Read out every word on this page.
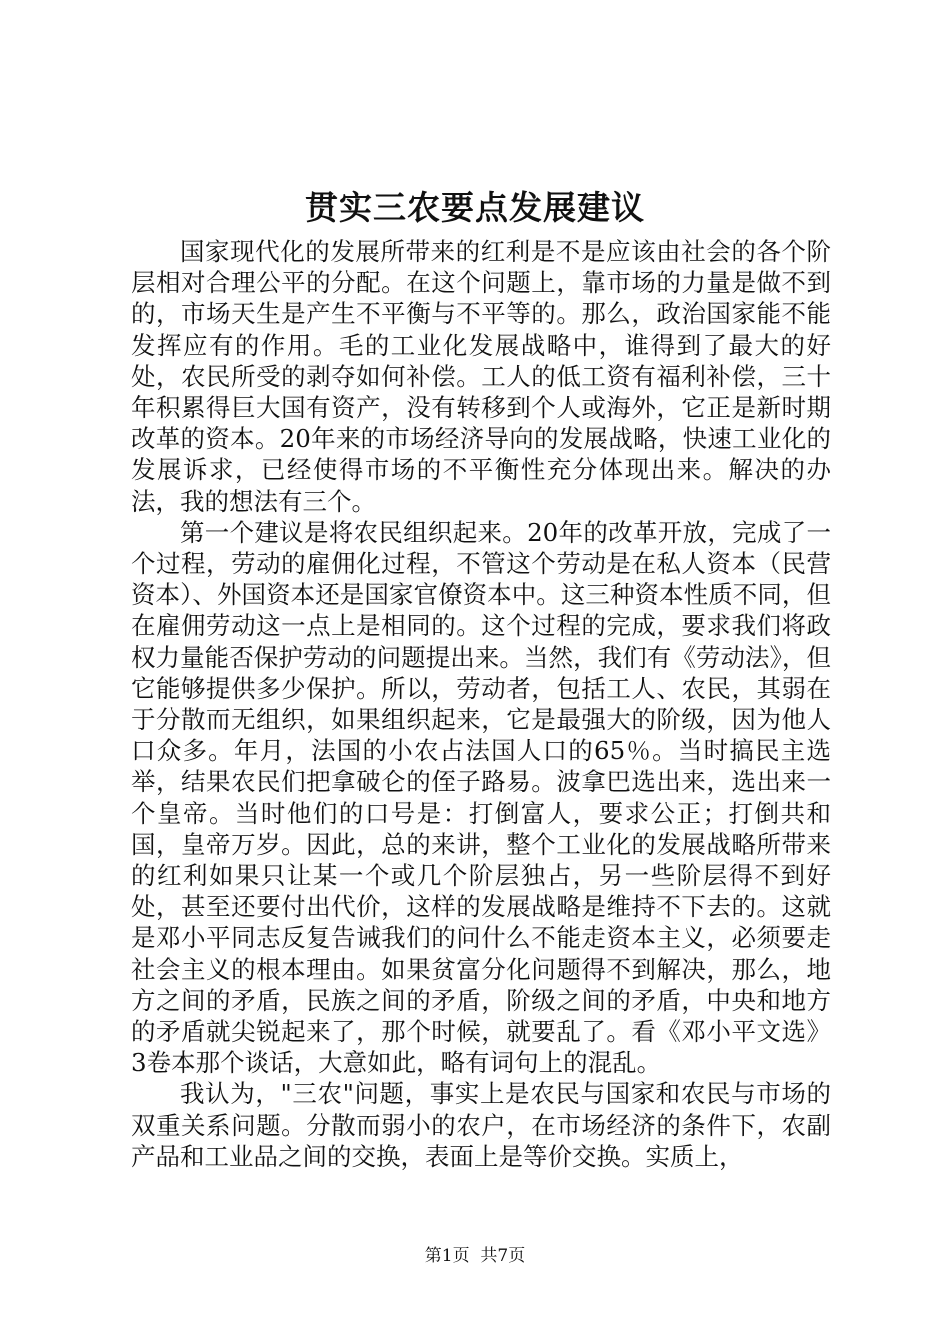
贯实三农要点发展建议

国家现代化的发展所带来的红利是不是应该由社会的各个阶层相对合理公平的分配。在这个问题上，靠市场的力量是做不到的，市场天生是产生不平衡与不平等的。那么，政治国家能不能发挥应有的作用。毛的工业化发展战略中，谁得到了最大的好处，农民所受的剥夺如何补偿。工人的低工资有福利补偿，三十年积累得巨大国有资产，没有转移到个人或海外，它正是新时期改革的资本。20年来的市场经济导向的发展战略，快速工业化的发展诉求，已经使得市场的不平衡性充分体现出来。解决的办法，我的想法有三个。

第一个建议是将农民组织起来。20年的改革开放，完成了一个过程，劳动的雇佣化过程，不管这个劳动是在私人资本（民营资本）、外国资本还是国家官僚资本中。这三种资本性质不同，但在雇佣劳动这一点上是相同的。这个过程的完成，要求我们将政权力量能否保护劳动的问题提出来。当然，我们有《劳动法》，但它能够提供多少保护。所以，劳动者，包括工人、农民，其弱在于分散而无组织，如果组织起来，它是最强大的阶级，因为他人口众多。年月，法国的小农占法国人口的65％。当时搞民主选举，结果农民们把拿破仑的侄子路易。波拿巴选出来，选出来一个皇帝。当时他们的口号是：打倒富人，要求公正；打倒共和国，皇帝万岁。因此，总的来讲，整个工业化的发展战略所带来的红利如果只让某一个或几个阶层独占，另一些阶层得不到好处，甚至还要付出代价，这样的发展战略是维持不下去的。这就是邓小平同志反复告诫我们的问什么不能走资本主义，必须要走社会主义的根本理由。如果贫富分化问题得不到解决，那么，地方之间的矛盾，民族之间的矛盾，阶级之间的矛盾，中央和地方的矛盾就尖锐起来了，那个时候，就要乱了。看《邓小平文选》3卷本那个谈话，大意如此，略有词句上的混乱。

我认为，"三农"问题，事实上是农民与国家和农民与市场的双重关系问题。分散而弱小的农户，在市场经济的条件下，农副产品和工业品之间的交换，表面上是等价交换。实质上，

第1页  共7页
